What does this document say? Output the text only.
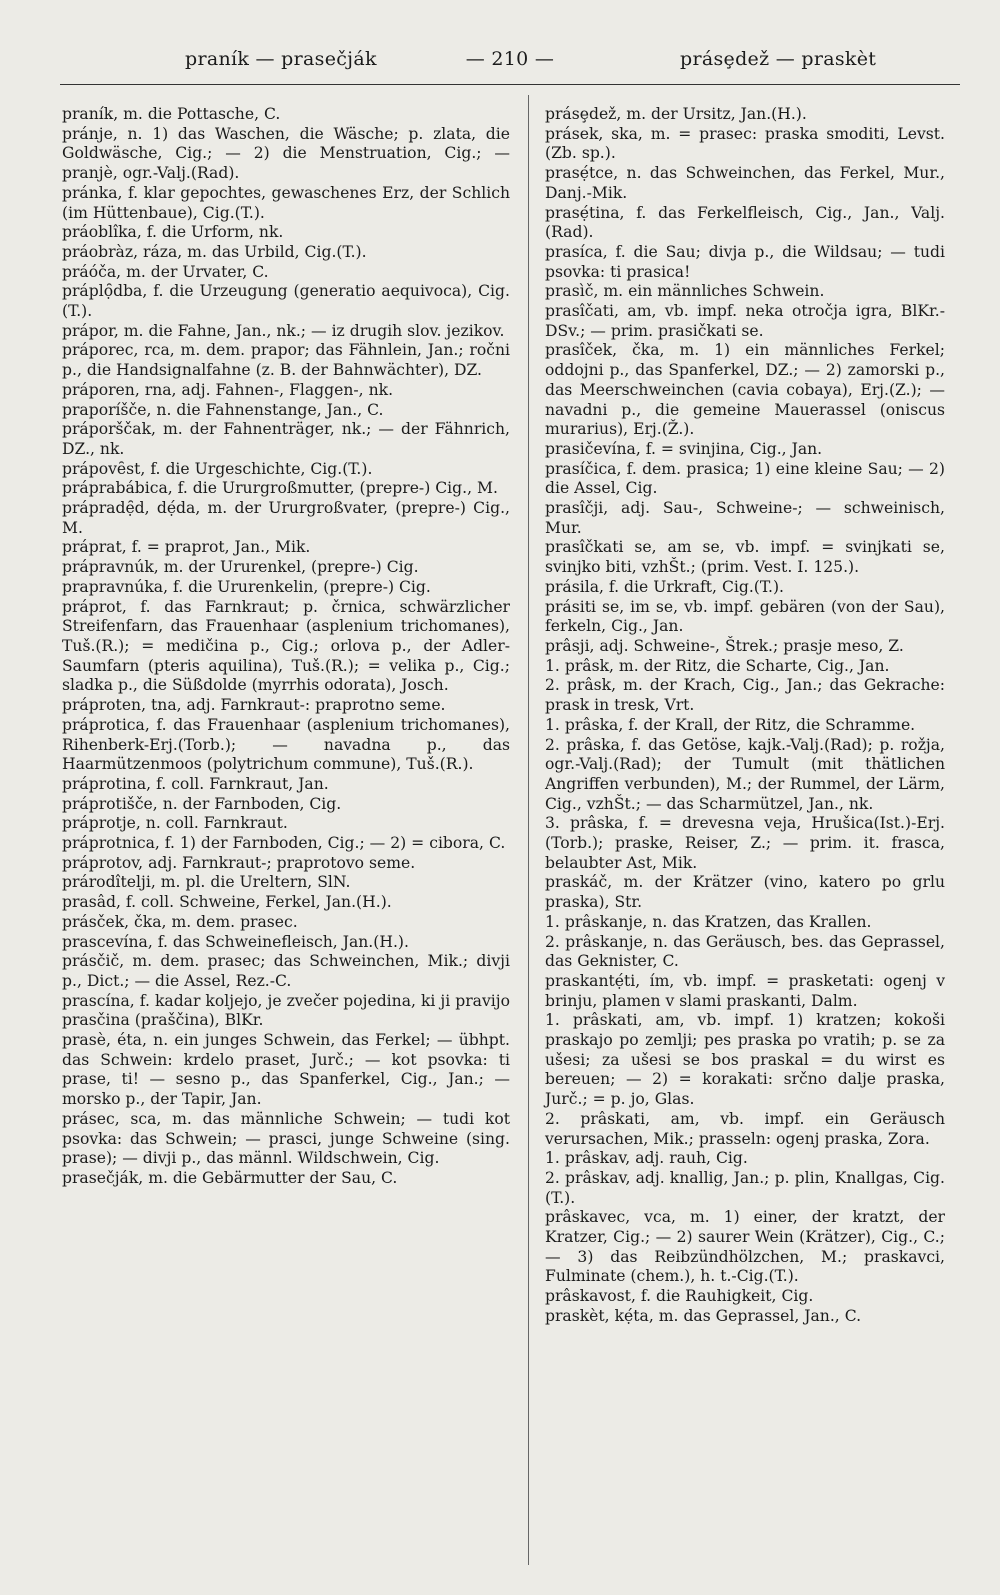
praník — prasečják	— 210 —	prásȩdež — praskèt

praník, m. die Pottasche, C.

pránje, n. 1) das Waschen, die Wäsche; p. zlata, die Goldwäsche, Cig.; — 2) die Menstruation, Cig.; — pranjè, ogr.-Valj.(Rad).

pránka, f. klar gepochtes, gewaschenes Erz, der Schlich (im Hüttenbaue), Cig.(T.).

práoblîka, f. die Urform, nk.

práobràz, ráza, m. das Urbild, Cig.(T.).

práóča, m. der Urvater, C.

práplọ̑dba, f. die Urzeugung (generatio aequivoca), Cig.(T.).

prápor, m. die Fahne, Jan., nk.; — iz drugih slov. jezikov.

práporec, rca, m. dem. prapor; das Fähnlein, Jan.; ročni p., die Handsignalfahne (z. B. der Bahnwächter), DZ.

práporen, rna, adj. Fahnen-, Flaggen-, nk.

praporíšče, n. die Fahnenstange, Jan., C.

práporščak, m. der Fahnenträger, nk.; — der Fähnrich, DZ., nk.

prápovȇst, f. die Urgeschichte, Cig.(T.).

práprabábica, f. die Ururgroßmutter, (prepre-) Cig., M.

prápradẹ̑d, dẹ́da, m. der Ururgroßvater, (prepre-) Cig., M.

práprat, f. = praprot, Jan., Mik.

prápravnúk, m. der Ururenkel, (prepre-) Cig.

prapravnúka, f. die Ururenkelin, (prepre-) Cig.

práprot, f. das Farnkraut; p. črnica, schwärzlicher Streifenfarn, das Frauenhaar (asplenium trichomanes), Tuš.(R.); = medičina p., Cig.; orlova p., der Adler-Saumfarn (pteris aquilina), Tuš.(R.); = velika p., Cig.; sladka p., die Süßdolde (myrrhis odorata), Josch.

práproten, tna, adj. Farnkraut-: praprotno seme.

práprotica, f. das Frauenhaar (asplenium trichomanes), Rihenberk-Erj.(Torb.); — navadna p., das Haarmützenmoos (polytrichum commune), Tuš.(R.).

práprotina, f. coll. Farnkraut, Jan.

práprotišče, n. der Farnboden, Cig.

práprotje, n. coll. Farnkraut.

práprotnica, f. 1) der Farnboden, Cig.; — 2) = cibora, C.

práprotov, adj. Farnkraut-; praprotovo seme.

prárodîtelji, m. pl. die Ureltern, SlN.

prasâd, f. coll. Schweine, Ferkel, Jan.(H.).

prásček, čka, m. dem. prasec.

prascevína, f. das Schweinefleisch, Jan.(H.).

prásčič, m. dem. prasec; das Schweinchen, Mik.; divji p., Dict.; — die Assel, Rez.-C.

prascína, f. kadar koljejo, je zvečer pojedina, ki ji pravijo prasčina (praščina), BlKr.

prasè, éta, n. ein junges Schwein, das Ferkel; — übhpt. das Schwein: krdelo praset, Jurč.; — kot psovka: ti prase, ti! — sesno p., das Spanferkel, Cig., Jan.; — morsko p., der Tapir, Jan.

prásec, sca, m. das männliche Schwein; — tudi kot psovka: das Schwein; — prasci, junge Schweine (sing. prase); — divji p., das männl. Wildschwein, Cig.

prasečják, m. die Gebärmutter der Sau, C.

prásȩdež, m. der Ursitz, Jan.(H.).

prásek, ska, m. = prasec: praska smoditi, Levst.(Zb. sp.).

prasẹ́tce, n. das Schweinchen, das Ferkel, Mur., Danj.-Mik.

prasẹ́tina, f. das Ferkelfleisch, Cig., Jan., Valj.(Rad).

prasíca, f. die Sau; divja p., die Wildsau; — tudi psovka: ti prasica!

prasìč, m. ein männliches Schwein.

prasîčati, am, vb. impf. neka otročja igra, BlKr.-DSv.; — prim. prasičkati se.

prasîček, čka, m. 1) ein männliches Ferkel; oddojni p., das Spanferkel, DZ.; — 2) zamorski p., das Meerschweinchen (cavia cobaya), Erj.(Z.); — navadni p., die gemeine Mauerassel (oniscus murarius), Erj.(Ž.).

prasičevína, f. = svinjina, Cig., Jan.

prasíčica, f. dem. prasica; 1) eine kleine Sau; — 2) die Assel, Cig.

prasîčji, adj. Sau-, Schweine-; — schweinisch, Mur.

prasîčkati se, am se, vb. impf. = svinjkati se, svinjko biti, vzhŠt.; (prim. Vest. I. 125.).

prásila, f. die Urkraft, Cig.(T.).

prásiti se, im se, vb. impf. gebären (von der Sau), ferkeln, Cig., Jan.

prâsji, adj. Schweine-, Štrek.; prasje meso, Z.

1. prâsk, m. der Ritz, die Scharte, Cig., Jan.

2. prâsk, m. der Krach, Cig., Jan.; das Gekrache: prask in tresk, Vrt.

1. prâska, f. der Krall, der Ritz, die Schramme.

2. prâska, f. das Getöse, kajk.-Valj.(Rad); p. rožja, ogr.-Valj.(Rad); der Tumult (mit thätlichen Angriffen verbunden), M.; der Rummel, der Lärm, Cig., vzhŠt.; — das Scharmützel, Jan., nk.

3. prâska, f. = drevesna veja, Hrušica(Ist.)-Erj.(Torb.); praske, Reiser, Z.; — prim. it. frasca, belaubter Ast, Mik.

praskáč, m. der Krätzer (vino, katero po grlu praska), Str.

1. prâskanje, n. das Kratzen, das Krallen.

2. prâskanje, n. das Geräusch, bes. das Geprassel, das Geknister, C.

praskantẹ́ti, ím, vb. impf. = prasketati: ogenj v brinju, plamen v slami praskanti, Dalm.

1. prâskati, am, vb. impf. 1) kratzen; kokoši praskajo po zemlji; pes praska po vratih; p. se za ušesi; za ušesi se bos praskal = du wirst es bereuen; — 2) = korakati: srčno dalje praska, Jurč.; = p. jo, Glas.

2. prâskati, am, vb. impf. ein Geräusch verursachen, Mik.; prasseln: ogenj praska, Zora.

1. prâskav, adj. rauh, Cig.

2. prâskav, adj. knallig, Jan.; p. plin, Knallgas, Cig.(T.).

prâskavec, vca, m. 1) einer, der kratzt, der Kratzer, Cig.; — 2) saurer Wein (Krätzer), Cig., C.; — 3) das Reibzündhölzchen, M.; praskavci, Fulminate (chem.), h. t.-Cig.(T.).

prâskavost, f. die Rauhigkeit, Cig.

praskèt, kẹ́ta, m. das Geprassel, Jan., C.
